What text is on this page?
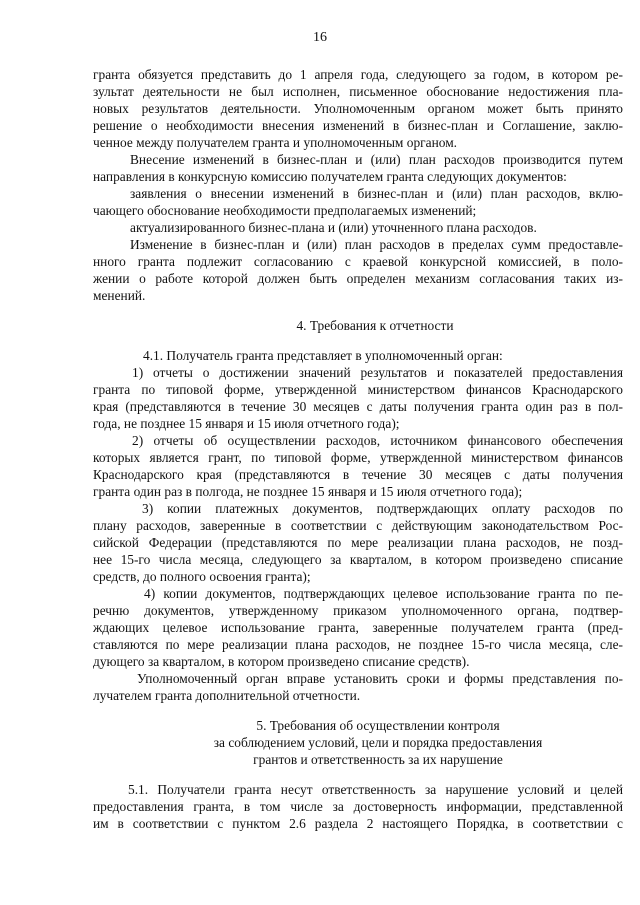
16
гранта обязуется представить до 1 апреля года, следующего за годом, в котором ре-
зультат деятельности не был исполнен, письменное обоснование недостижения пла-
новых результатов деятельности. Уполномоченным органом может быть принято
решение о необходимости внесения изменений в бизнес-план и Соглашение, заклю-
ченное между получателем гранта и уполномоченным органом.
Внесение изменений в бизнес-план и (или) план расходов производится путем
направления в конкурсную комиссию получателем гранта следующих документов:
заявления о внесении изменений в бизнес-план и (или) план расходов, вклю-
чающего обоснование необходимости предполагаемых изменений;
актуализированного бизнес-плана и (или) уточненного плана расходов.
Изменение в бизнес-план и (или) план расходов в пределах сумм предоставле-
нного гранта подлежит согласованию с краевой конкурсной комиссией, в поло-
жении о работе которой должен быть определен механизм согласования таких из-
менений.
4. Требования к отчетности
4.1. Получатель гранта представляет в уполномоченный орган:
1) отчеты о достижении значений результатов и показателей предоставления
гранта по типовой форме, утвержденной министерством финансов Краснодарского
края (представляются в течение 30 месяцев с даты получения гранта один раз в пол-
года, не позднее 15 января и 15 июля отчетного года);
2) отчеты об осуществлении расходов, источником финансового обеспечения
которых является грант, по типовой форме, утвержденной министерством финансов
Краснодарского края (представляются в течение 30 месяцев с даты получения
гранта один раз в полгода, не позднее 15 января и 15 июля отчетного года);
3) копии платежных документов, подтверждающих оплату расходов по
плану расходов, заверенные в соответствии с действующим законодательством Рос-
сийской Федерации (представляются по мере реализации плана расходов, не позд-
нее 15-го числа месяца, следующего за кварталом, в котором произведено списание
средств, до полного освоения гранта);
4) копии документов, подтверждающих целевое использование гранта по пе-
речню документов, утвержденному приказом уполномоченного органа, подтвер-
ждающих целевое использование гранта, заверенные получателем гранта (пред-
ставляются по мере реализации плана расходов, не позднее 15-го числа месяца, сле-
дующего за кварталом, в котором произведено списание средств).
Уполномоченный орган вправе установить сроки и формы представления по-
лучателем гранта дополнительной отчетности.
5. Требования об осуществлении контроля
за соблюдением условий, цели и порядка предоставления
грантов и ответственность за их нарушение
5.1. Получатели гранта несут ответственность за нарушение условий и целей
предоставления гранта, в том числе за достоверность информации, представленной
им в соответствии с пунктом 2.6 раздела 2 настоящего Порядка, в соответствии с
